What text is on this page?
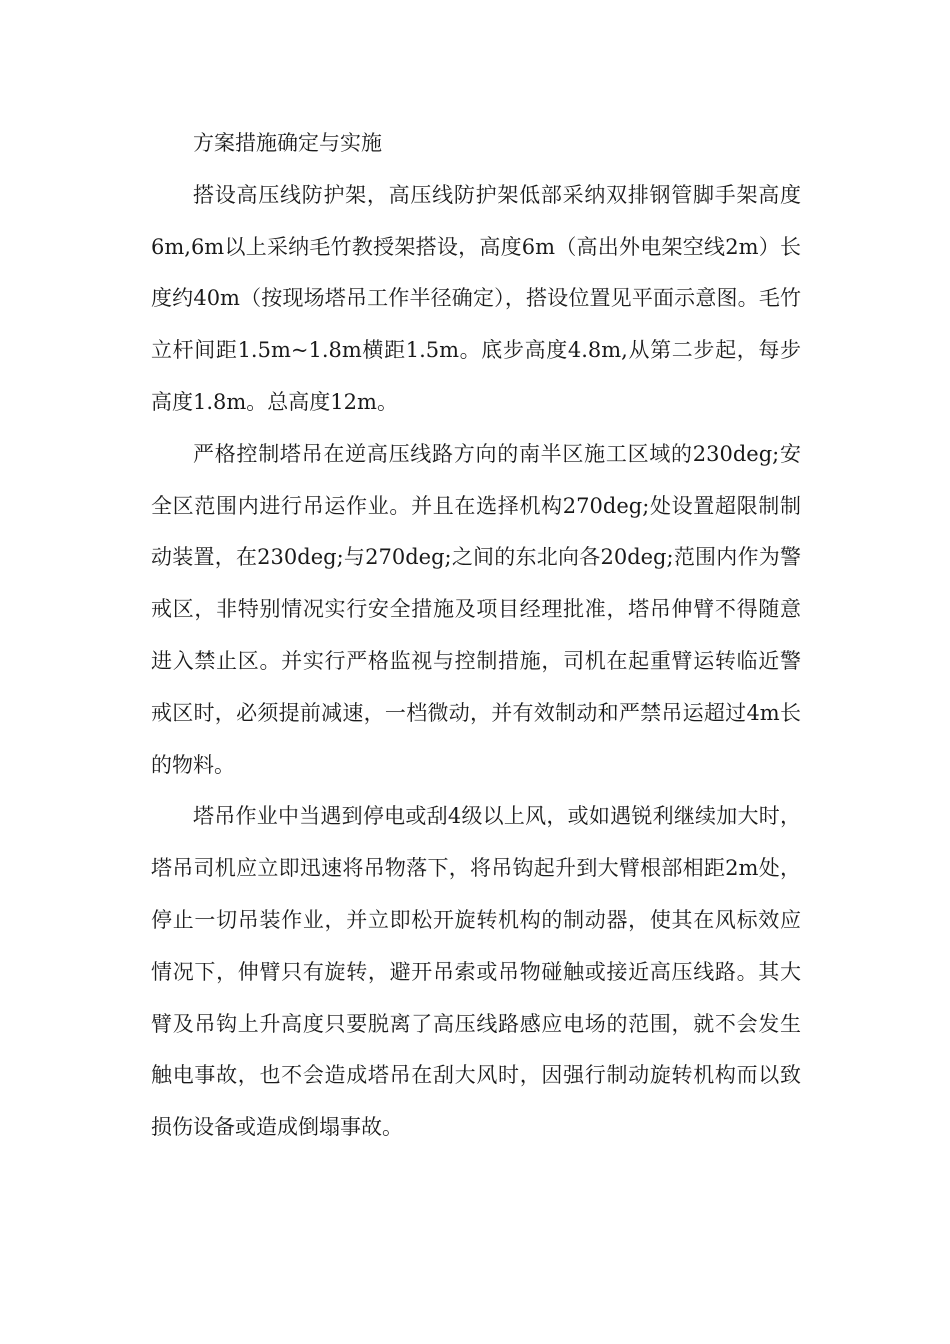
方案措施确定与实施

搭设高压线防护架，高压线防护架低部采纳双排钢管脚手架高度6m,6m以上采纳毛竹教授架搭设，高度6m（高出外电架空线2m）长度约40m（按现场塔吊工作半径确定），搭设位置见平面示意图。毛竹立杆间距1.5m~1.8m横距1.5m。底步高度4.8m,从第二步起，每步高度1.8m。总高度12m。

严格控制塔吊在逆高压线路方向的南半区施工区域的230deg;安全区范围内进行吊运作业。并且在选择机构270deg;处设置超限制制动装置，在230deg;与270deg;之间的东北向各20deg;范围内作为警戒区，非特别情况实行安全措施及项目经理批准，塔吊伸臂不得随意进入禁止区。并实行严格监视与控制措施，司机在起重臂运转临近警戒区时，必须提前减速，一档微动，并有效制动和严禁吊运超过4m长的物料。

塔吊作业中当遇到停电或刮4级以上风，或如遇锐利继续加大时，塔吊司机应立即迅速将吊物落下，将吊钩起升到大臂根部相距2m处，停止一切吊装作业，并立即松开旋转机构的制动器，使其在风标效应情况下，伸臂只有旋转，避开吊索或吊物碰触或接近高压线路。其大臂及吊钩上升高度只要脱离了高压线路感应电场的范围，就不会发生触电事故，也不会造成塔吊在刮大风时，因强行制动旋转机构而以致损伤设备或造成倒塌事故。
